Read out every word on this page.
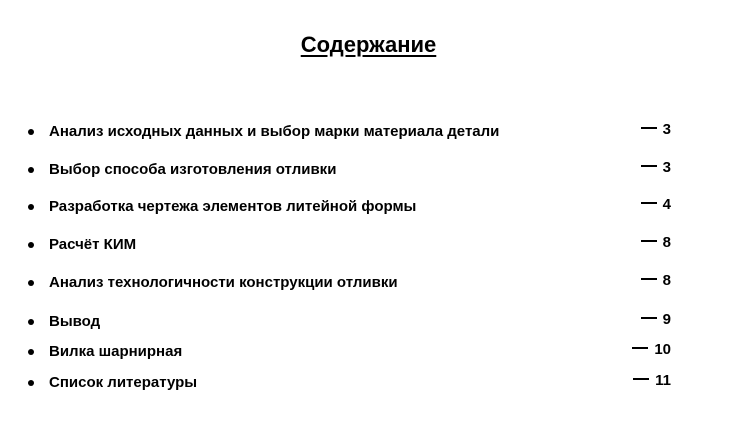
Содержание
Анализ исходных данных и выбор марки материала детали	3
Выбор способа изготовления отливки	3
Разработка чертежа элементов литейной формы	4
Расчёт КИМ	8
Анализ технологичности конструкции отливки	8
Вывод	9
Вилка шарнирная	10
Список литературы	11
